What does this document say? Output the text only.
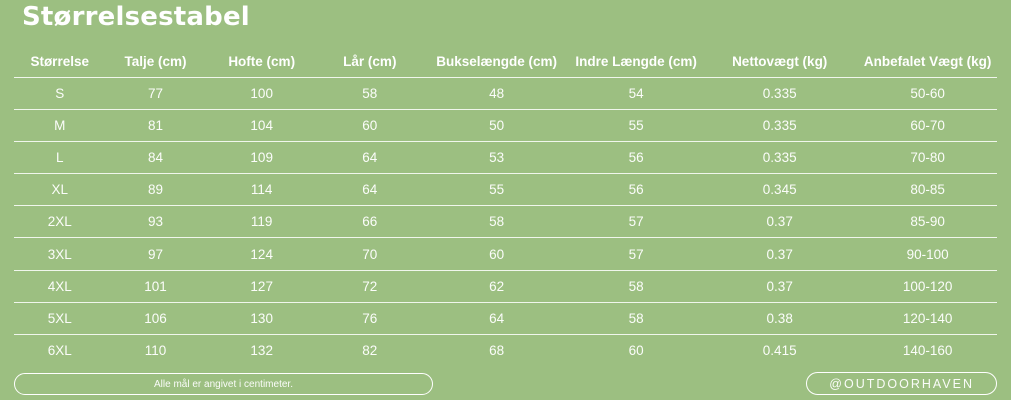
Størrelsestabel
Størrelse	Talje (cm)	Hofte (cm)	Lår (cm)	Bukselængde (cm)	Indre Længde (cm)	Nettovægt (kg)	Anbefalet Vægt (kg)
S	77	100	58	48	54	0.335	50-60
M	81	104	60	50	55	0.335	60-70
L	84	109	64	53	56	0.335	70-80
XL	89	114	64	55	56	0.345	80-85
2XL	93	119	66	58	57	0.37	85-90
3XL	97	124	70	60	57	0.37	90-100
4XL	101	127	72	62	58	0.37	100-120
5XL	106	130	76	64	58	0.38	120-140
6XL	110	132	82	68	60	0.415	140-160
Alle mål er angivet i centimeter.	@OUTDOORHAVEN
